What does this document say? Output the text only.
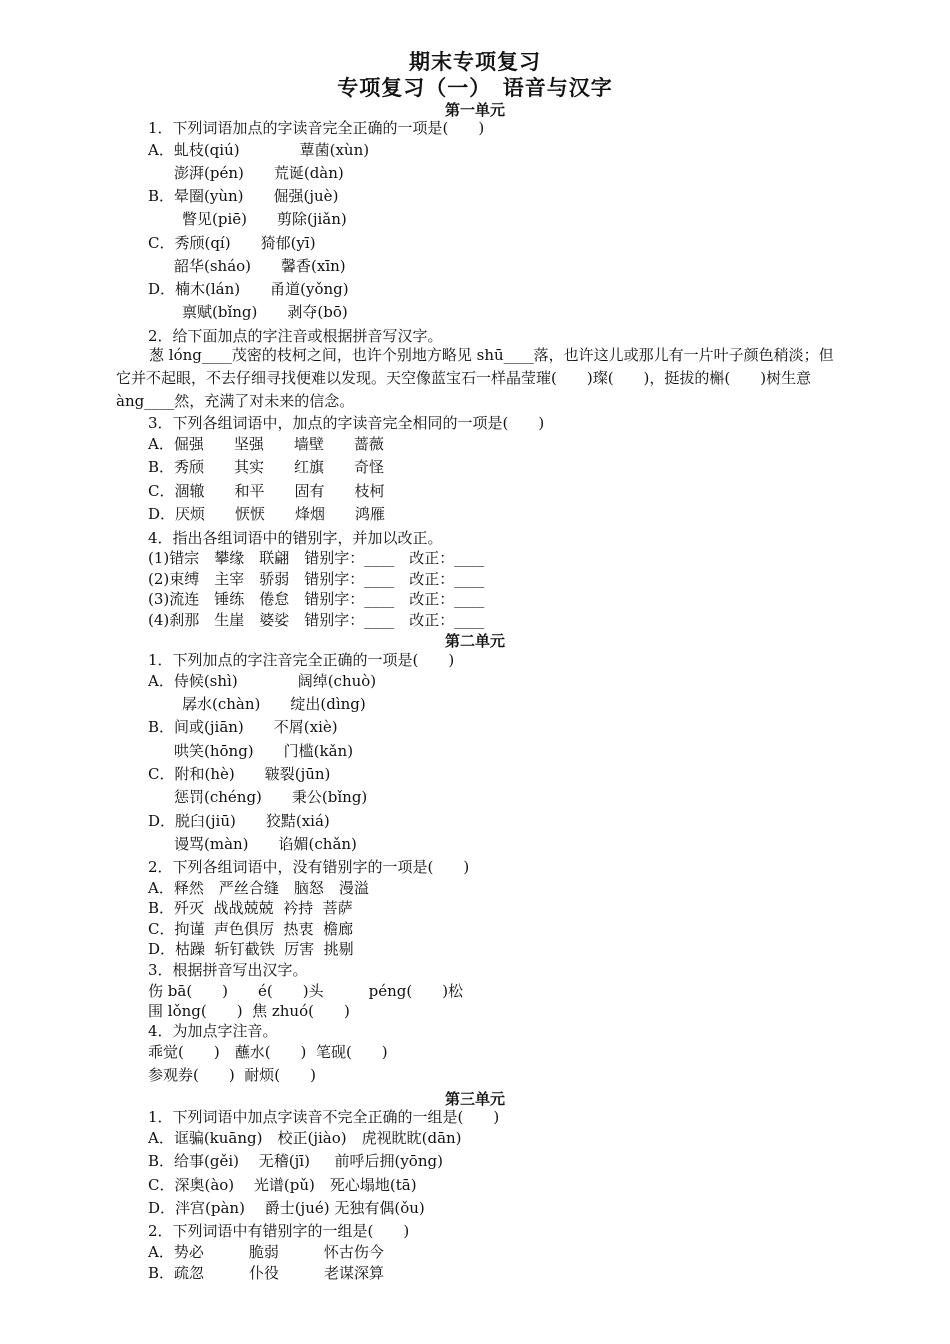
期末专项复习
专项复习（一）　语音与汉字
第一单元
1．下列词语加点的字读音完全正确的一项是(　　)
A．虬枝(qiú)　　　　蕈菌(xùn)
澎湃(pén)　　荒诞(dàn)
B．晕圈(yùn)　　倔强(juè)
瞥见(piē)　　剪除(jiǎn)
C．秀颀(qí)　　猗郁(yī)
韶华(sháo)　　馨香(xīn)
D．楠木(lán)　　甬道(yǒng)
禀赋(bǐng)　　剥夺(bō)
2．给下面加点的字注音或根据拼音写汉字。
葱 lóng____茂密的枝柯之间，也许个别地方略见 shū____落，也许这儿或那儿有一片叶子颜色稍淡；但它并不起眼，不去仔细寻找便难以发现。天空像蓝宝石一样晶莹璀(　　)璨(　　)，挺拔的槲(　　)树生意 àng____然，充满了对未来的信念。
3．下列各组词语中，加点的字读音完全相同的一项是(　　)
A．倔强　　坚强　　墙壁　　蔷薇
B．秀颀　　其实　　红旗　　奇怪
C．涸辙　　和平　　固有　　枝柯
D．厌烦　　恹恹　　烽烟　　鸿雁
4．指出各组词语中的错别字，并加以改正。
(1)错宗　攀缘　联翩　错别字：____　改正：____
(2)束缚　主宰　骄弱　错别字：____　改正：____
(3)流连　锤练　倦怠　错别字：____　改正：____
(4)刹那　生崖　婆娑　错别字：____　改正：____
第二单元
1．下列加点的字注音完全正确的一项是(　　)
A．侍候(shì)　　　　阔绰(chuò)
孱水(chàn)　　绽出(dìng)
B．间或(jiān)　　不屑(xiè)
哄笑(hōng)　　门槛(kǎn)
C．附和(hè)　　皲裂(jūn)
惩罚(chéng)　　秉公(bǐng)
D．脱臼(jiū)　　狡黠(xiá)
谩骂(màn)　　谄媚(chǎn)
2．下列各组词语中，没有错别字的一项是(　　)
A．释然　严丝合缝　脑怒　漫溢
B．歼灭  战战兢兢  衿持  菩萨
C．拘谨  声色俱厉  热衷  檐廊
D．枯躁  斩钉截铁  厉害  挑剔
3．根据拼音写出汉字。
伤 bā(　　)　　é(　　)头　　　péng(　　)松
围 lǒng(　　)  焦 zhuó(　　)
4．为加点字注音。
乖觉(　　)　蘸水(　　)  笔砚(　　)
参观券(　　)  耐烦(　　)
第三单元
1．下列词语中加点字读音不完全正确的一组是(　　)
A．诓骗(kuāng)　校正(jiào)　虎视眈眈(dān)
B．给事(gěi)　 无稽(jī)　  前呼后拥(yōng)
C．深奥(ào)　 光谱(pǔ)　死心塌地(tā)
D．泮宫(pàn)　 爵士(jué) 无独有偶(ǒu)
2．下列词语中有错别字的一组是(　　)
A．势必　　　脆弱　　　怀古伤今
B．疏忽　　　仆役　　　老谋深算
